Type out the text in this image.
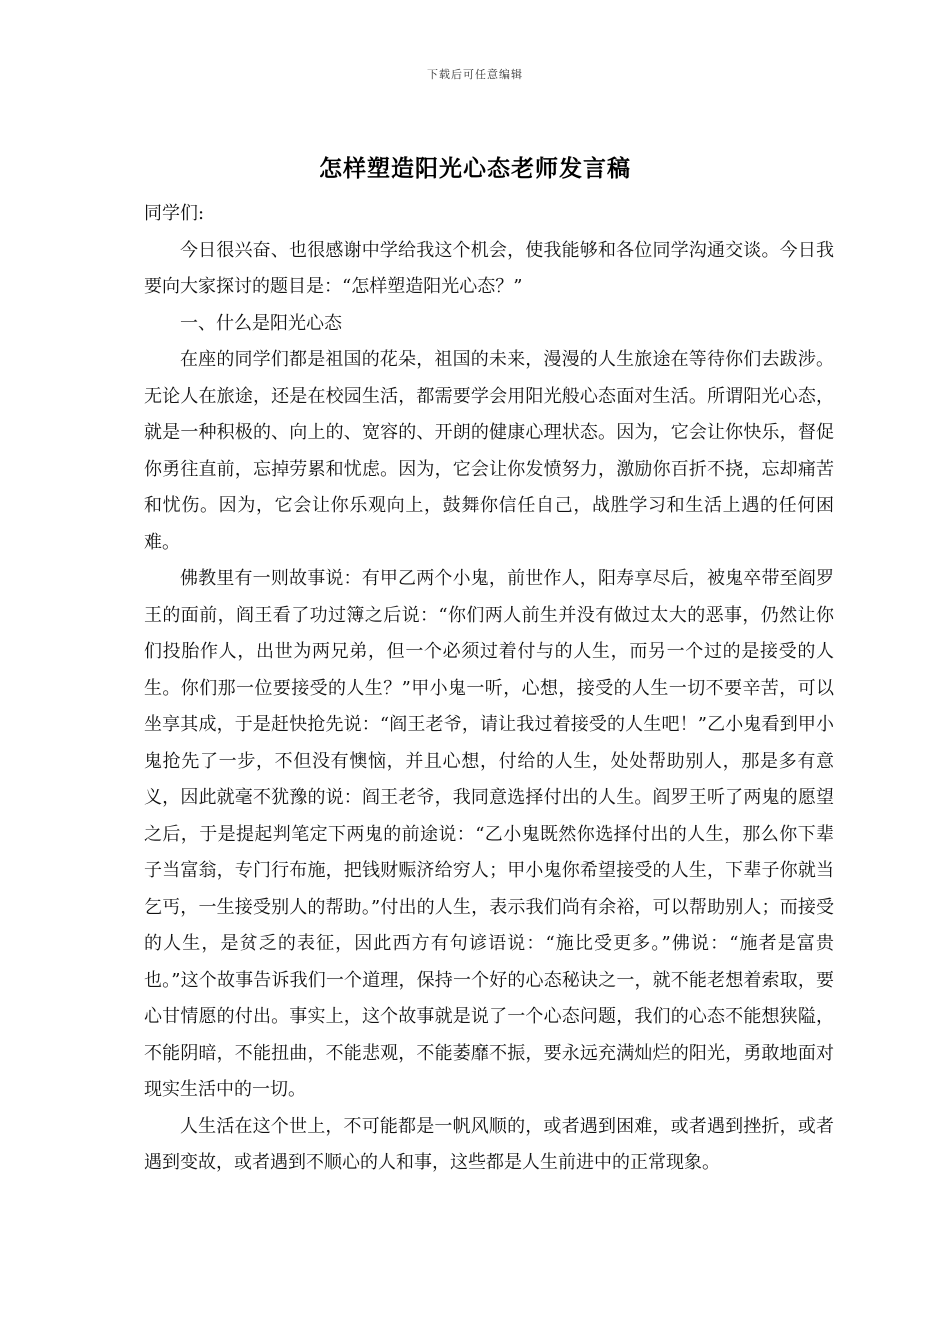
下载后可任意编辑
怎样塑造阳光心态老师发言稿

同学们:

今日很兴奋、也很感谢中学给我这个机会，使我能够和各位同学沟通交谈。今日我要向大家探讨的题目是：“怎样塑造阳光心态？”

一、什么是阳光心态

在座的同学们都是祖国的花朵，祖国的未来，漫漫的人生旅途在等待你们去跋涉。无论人在旅途，还是在校园生活，都需要学会用阳光般心态面对生活。所谓阳光心态，就是一种积极的、向上的、宽容的、开朗的健康心理状态。因为，它会让你快乐，督促你勇往直前，忘掉劳累和忧虑。因为，它会让你发愤努力，激励你百折不挠，忘却痛苦和忧伤。因为，它会让你乐观向上，鼓舞你信任自己，战胜学习和生活上遇的任何困难。

佛教里有一则故事说：有甲乙两个小鬼，前世作人，阳寿享尽后，被鬼卒带至阎罗王的面前，阎王看了功过簿之后说：“你们两人前生并没有做过太大的恶事，仍然让你们投胎作人，出世为两兄弟，但一个必须过着付与的人生，而另一个过的是接受的人生。你们那一位要接受的人生？”甲小鬼一听，心想，接受的人生一切不要辛苦，可以坐享其成，于是赶快抢先说：“阎王老爷，请让我过着接受的人生吧！”乙小鬼看到甲小鬼抢先了一步，不但没有懊恼，并且心想，付给的人生，处处帮助别人，那是多有意义，因此就毫不犹豫的说：阎王老爷，我同意选择付出的人生。阎罗王听了两鬼的愿望之后，于是提起判笔定下两鬼的前途说：“乙小鬼既然你选择付出的人生，那么你下辈子当富翁，专门行布施，把钱财赈济给穷人；甲小鬼你希望接受的人生，下辈子你就当乞丐，一生接受别人的帮助。”付出的人生，表示我们尚有余裕，可以帮助别人；而接受的人生，是贫乏的表征，因此西方有句谚语说：“施比受更多。”佛说：“施者是富贵也。”这个故事告诉我们一个道理，保持一个好的心态秘诀之一，就不能老想着索取，要心甘情愿的付出。事实上，这个故事就是说了一个心态问题，我们的心态不能想狭隘，不能阴暗，不能扭曲，不能悲观，不能萎靡不振，要永远充满灿烂的阳光，勇敢地面对现实生活中的一切。

人生活在这个世上，不可能都是一帆风顺的，或者遇到困难，或者遇到挫折，或者遇到变故，或者遇到不顺心的人和事，这些都是人生前进中的正常现象。
